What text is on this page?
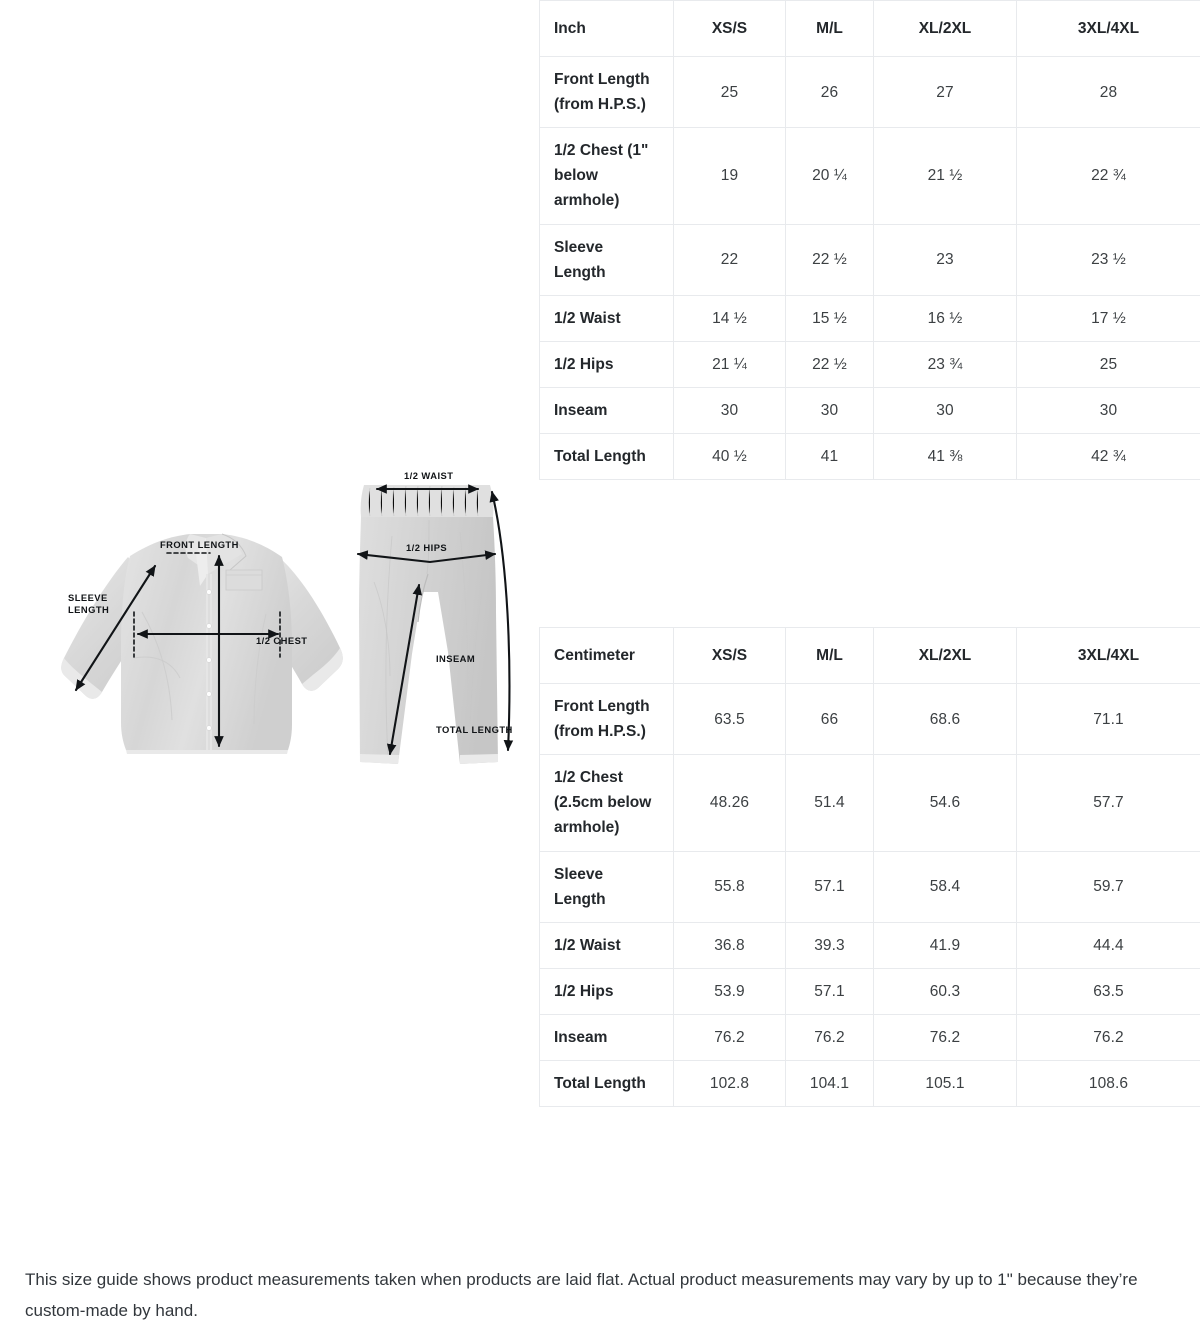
FRONT LENGTH
SLEEVE
LENGTH
1/2 CHEST
1/2 WAIST
1/2 HIPS
INSEAM
TOTAL LENGTH
Inch	XS/S	M/L	XL/2XL	3XL/4XL
Front Length (from H.P.S.)	25	26	27	28
1/2 Chest (1" below armhole)	19	20 ¼	21 ½	22 ¾
Sleeve Length	22	22 ½	23	23 ½
1/2 Waist	14 ½	15 ½	16 ½	17 ½
1/2 Hips	21 ¼	22 ½	23 ¾	25
Inseam	30	30	30	30
Total Length	40 ½	41	41 ⅜	42 ¾
Centimeter	XS/S	M/L	XL/2XL	3XL/4XL
Front Length (from H.P.S.)	63.5	66	68.6	71.1
1/2 Chest (2.5cm below armhole)	48.26	51.4	54.6	57.7
Sleeve Length	55.8	57.1	58.4	59.7
1/2 Waist	36.8	39.3	41.9	44.4
1/2 Hips	53.9	57.1	60.3	63.5
Inseam	76.2	76.2	76.2	76.2
Total Length	102.8	104.1	105.1	108.6
This size guide shows product measurements taken when products are laid flat. Actual product measurements may vary by up to 1" because they’re custom-made by hand.
